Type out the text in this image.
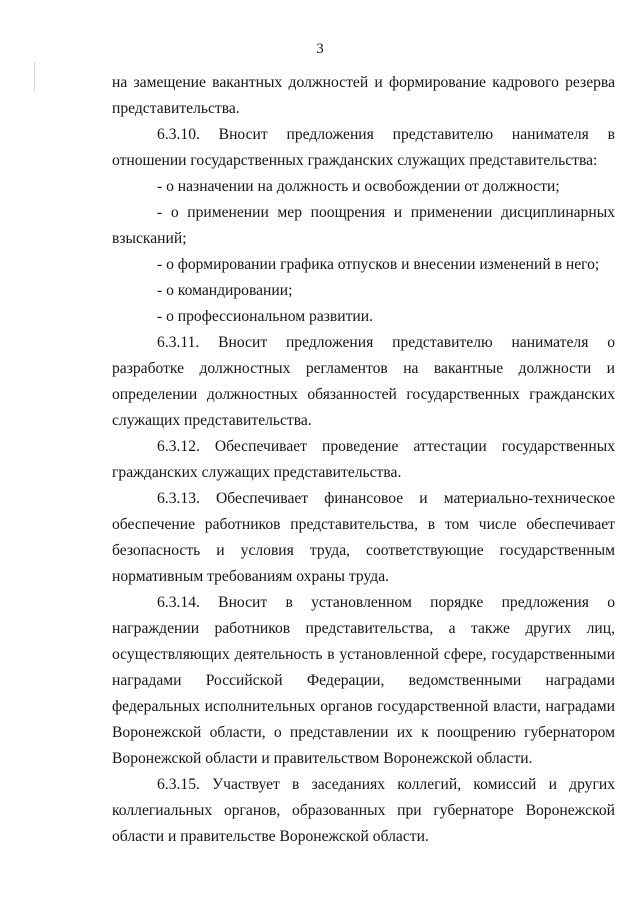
3

на замещение вакантных должностей и формирование кадрового резерва представительства.

6.3.10. Вносит предложения представителю нанимателя в отношении государственных гражданских служащих представительства:

- о назначении на должность и освобождении от должности;

- о применении мер поощрения и применении дисциплинарных взысканий;

- о формировании графика отпусков и внесении изменений в него;

- о командировании;

- о профессиональном развитии.

6.3.11. Вносит предложения представителю нанимателя о разработке должностных регламентов на вакантные должности и определении должностных обязанностей государственных гражданских служащих представительства.

6.3.12. Обеспечивает проведение аттестации государственных гражданских служащих представительства.

6.3.13. Обеспечивает финансовое и материально-техническое обеспечение работников представительства, в том числе обеспечивает безопасность и условия труда, соответствующие государственным нормативным требованиям охраны труда.

6.3.14. Вносит в установленном порядке предложения о награждении работников представительства, а также других лиц, осуществляющих деятельность в установленной сфере, государственными наградами Российской Федерации, ведомственными наградами федеральных исполнительных органов государственной власти, наградами Воронежской области, о представлении их к поощрению губернатором Воронежской области и правительством Воронежской области.

6.3.15. Участвует в заседаниях коллегий, комиссий и других коллегиальных органов, образованных при губернаторе Воронежской области и правительстве Воронежской области.
